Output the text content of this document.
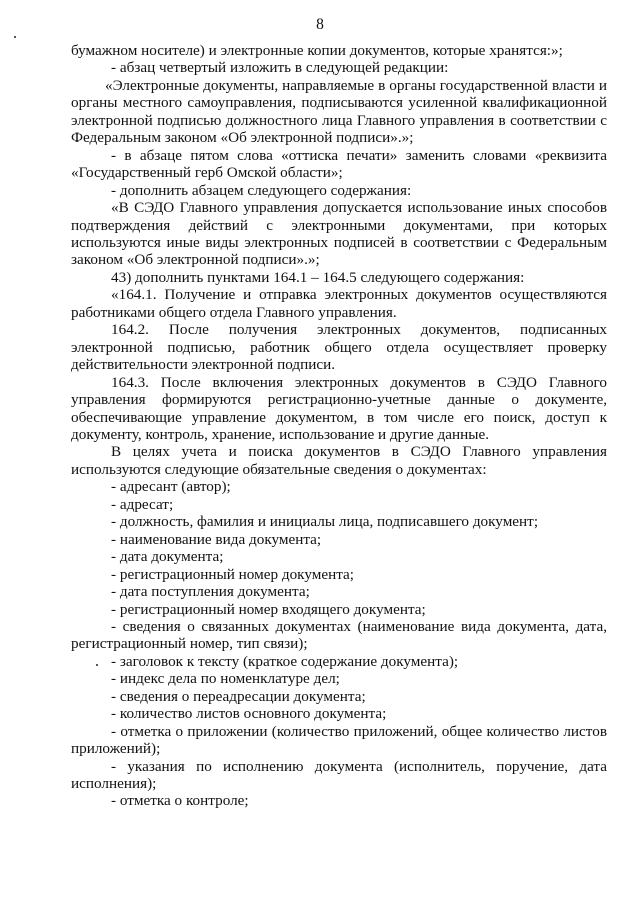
8

бумажном носителе) и электронные копии документов, которые хранятся:»;

- абзац четвертый изложить в следующей редакции:

«Электронные документы, направляемые в органы государственной власти и органы местного самоуправления, подписываются усиленной квалификационной электронной подписью должностного лица Главного управления в соответствии с Федеральным законом «Об электронной подписи».»;

- в абзаце пятом слова «оттиска печати» заменить словами «реквизита «Государственный герб Омской области»;

- дополнить абзацем следующего содержания:

«В СЭДО Главного управления допускается использование иных способов подтверждения действий с электронными документами, при которых используются иные виды электронных подписей в соответствии с Федеральным законом «Об электронной подписи».»;

43) дополнить пунктами 164.1 – 164.5 следующего содержания:

«164.1. Получение и отправка электронных документов осуществляются работниками общего отдела Главного управления.

164.2. После получения электронных документов, подписанных электронной подписью, работник общего отдела осуществляет проверку действительности электронной подписи.

164.3. После включения электронных документов в СЭДО Главного управления формируются регистрационно-учетные данные о документе, обеспечивающие управление документом, в том числе его поиск, доступ к документу, контроль, хранение, использование и другие данные.

В целях учета и поиска документов в СЭДО Главного управления используются следующие обязательные сведения о документах:

- адресант (автор);

- адресат;

- должность, фамилия и инициалы лица, подписавшего документ;

- наименование вида документа;

- дата документа;

- регистрационный номер документа;

- дата поступления документа;

- регистрационный номер входящего документа;

- сведения о связанных документах (наименование вида документа, дата, регистрационный номер, тип связи);

- заголовок к тексту (краткое содержание документа);

- индекс дела по номенклатуре дел;

- сведения о переадресации документа;

- количество листов основного документа;

- отметка о приложении (количество приложений, общее количество листов приложений);

- указания по исполнению документа (исполнитель, поручение, дата исполнения);

- отметка о контроле;
